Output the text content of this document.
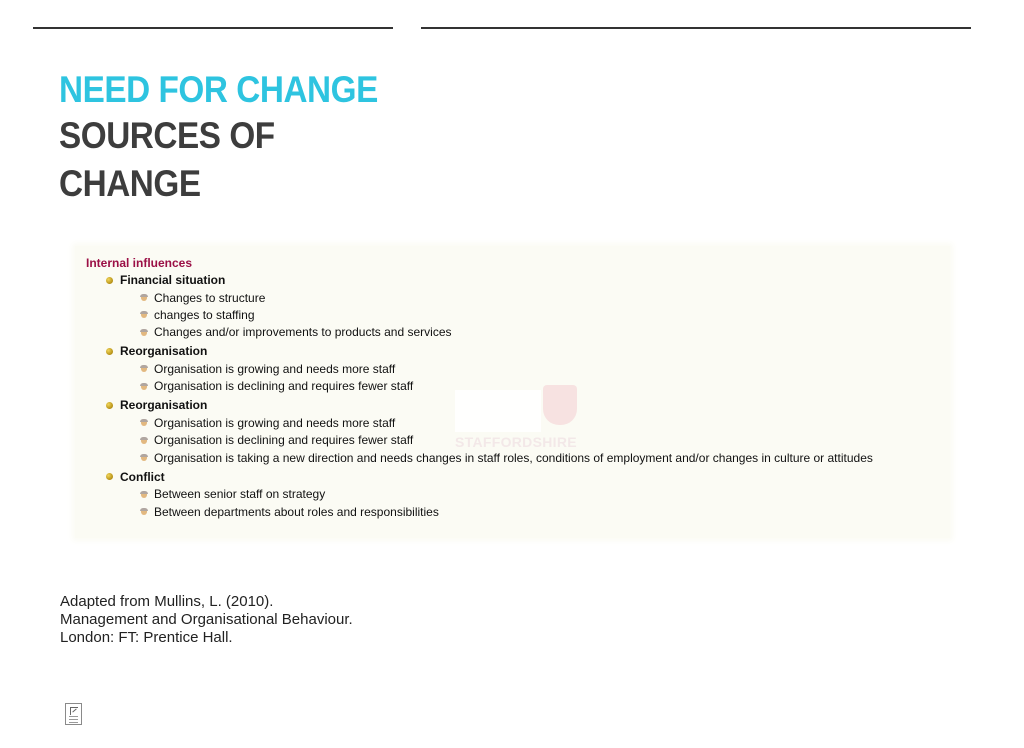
NEED FOR CHANGE
SOURCES OF
CHANGE
STAFFORDSHIRE
Internal influences
Financial situation
Changes to structure
changes to staffing
Changes and/or improvements to products and services
Reorganisation
Organisation is growing and needs more staff
Organisation is declining and requires fewer staff
Reorganisation
Organisation is growing and needs more staff
Organisation is declining and requires fewer staff
Organisation is taking a new direction and needs changes in staff roles, conditions of employment and/or changes in culture or attitudes
Conflict
Between senior staff on strategy
Between departments about roles and responsibilities
Adapted from Mullins, L. (2010).
Management and Organisational Behaviour.
London: FT: Prentice Hall.
